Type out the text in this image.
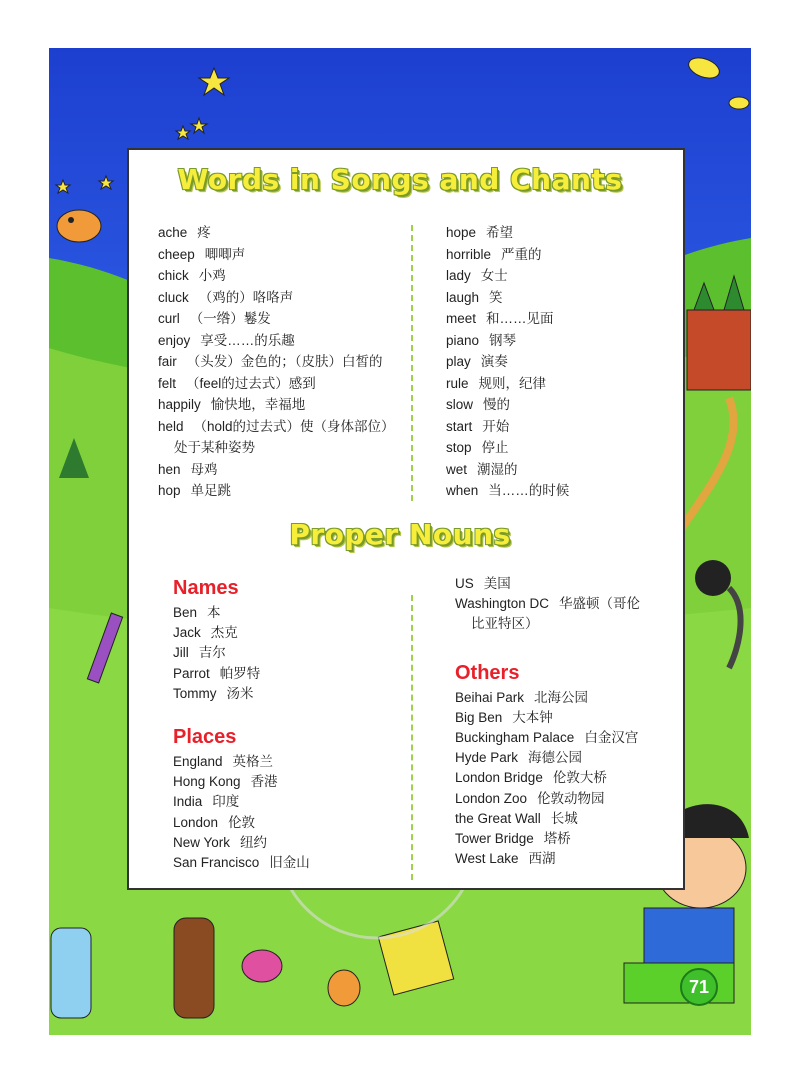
Words in Songs and Chants
ache 疼
cheep 唧唧声
chick 小鸡
cluck （鸡的）咯咯声
curl （一绺）鬈发
enjoy 享受……的乐趣
fair （头发）金色的；（皮肤）白皙的
felt （feel的过去式）感到
happily 愉快地，幸福地
held （hold的过去式）使（身体部位）
处于某种姿势
hen 母鸡
hop 单足跳
hope 希望
horrible 严重的
lady 女士
laugh 笑
meet 和……见面
piano 钢琴
play 演奏
rule 规则，纪律
slow 慢的
start 开始
stop 停止
wet 潮湿的
when 当……的时候
Proper Nouns
Names
Ben 本
Jack 杰克
Jill 吉尔
Parrot 帕罗特
Tommy 汤米
Places
England 英格兰
Hong Kong 香港
India 印度
London 伦敦
New York 纽约
San Francisco 旧金山
US 美国
Washington DC 华盛顿（哥伦
比亚特区）
Others
Beihai Park 北海公园
Big Ben 大本钟
Buckingham Palace 白金汉宫
Hyde Park 海德公园
London Bridge 伦敦大桥
London Zoo 伦敦动物园
the Great Wall 长城
Tower Bridge 塔桥
West Lake 西湖
71
